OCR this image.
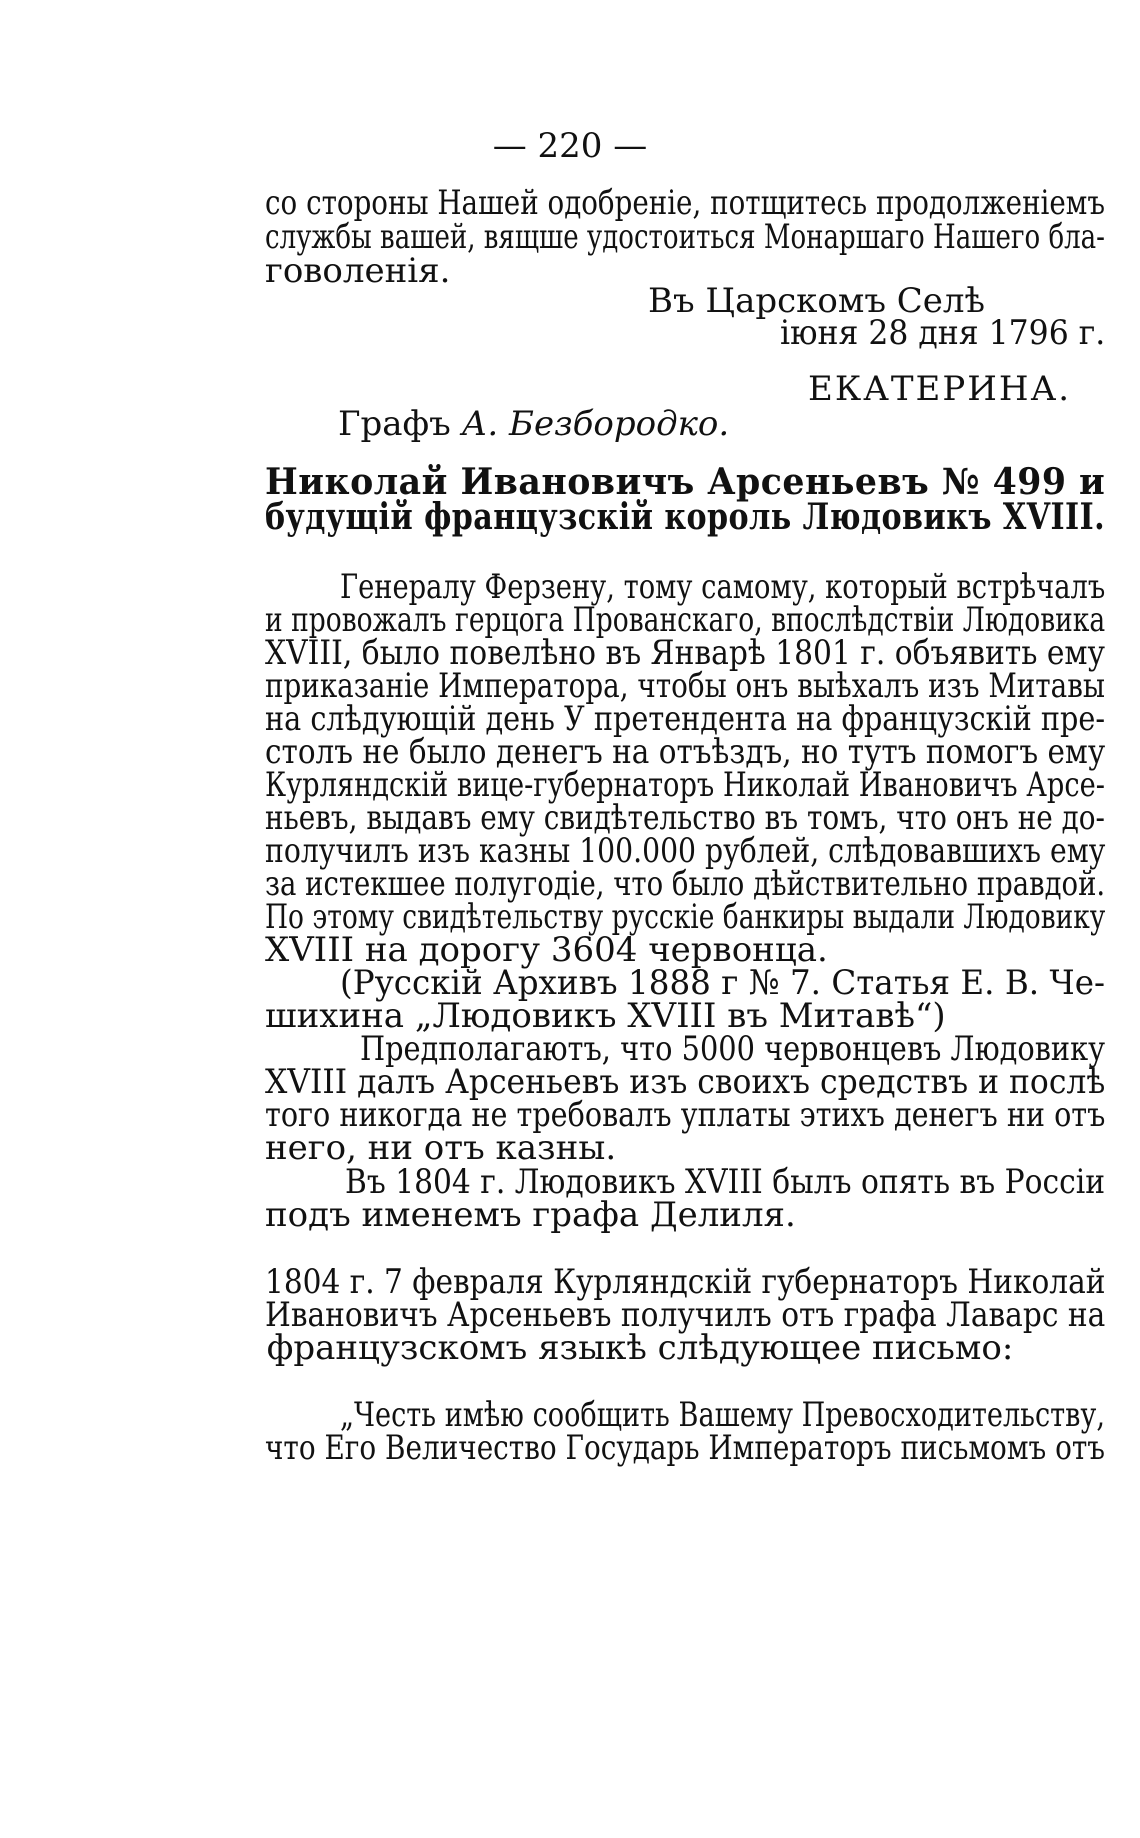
— 220 —
со стороны Нашей одобреніе, потщитесь продолженіемъ
службы вашей, вящше удостоиться Монаршаго Нашего бла-
говоленія.
Въ Царскомъ Селѣ
іюня 28 дня 1796 г.
ЕКАТЕРИНА.
Графъ А. Безбородко.
Николай Ивановичъ Арсеньевъ № 499 и
будущій французскій король Людовикъ XVIII.
Генералу Ферзену, тому самому, который встрѣчалъ
и провожалъ герцога Прованскаго, впослѣдствіи Людовика
XVIII, было повелѣно въ Январѣ 1801 г. объявить ему
приказаніе Императора, чтобы онъ выѣхалъ изъ Митавы
на слѣдующій день У претендента на французскій пре-
столъ не было денегъ на отъѣздъ, но тутъ помогъ ему
Курляндскій вице-губернаторъ Николай Ивановичъ Арсе-
ньевъ, выдавъ ему свидѣтельство въ томъ, что онъ не до-
получилъ изъ казны 100.000 рублей, слѣдовавшихъ ему
за истекшее полугодіе, что было дѣйствительно правдой.
По этому свидѣтельству русскіе банкиры выдали Людовику
XVIII на дорогу 3604 червонца.
(Русскій Архивъ 1888 г № 7. Статья Е. В. Че-
шихина „Людовикъ XVIII въ Митавѣ“)
Предполагаютъ, что 5000 червонцевъ Людовику
XVIII далъ Арсеньевъ изъ своихъ средствъ и послѣ
того никогда не требовалъ уплаты этихъ денегъ ни отъ
него, ни отъ казны.
Въ 1804 г. Людовикъ XVIII былъ опять въ Россіи
подъ именемъ графа Делиля.
1804 г. 7 февраля Курляндскій губернаторъ Николай
Ивановичъ Арсеньевъ получилъ отъ графа Лаварс на
французскомъ языкѣ слѣдующее письмо:
„Честь имѣю сообщить Вашему Превосходительству,
что Его Величество Государь Императоръ письмомъ отъ
